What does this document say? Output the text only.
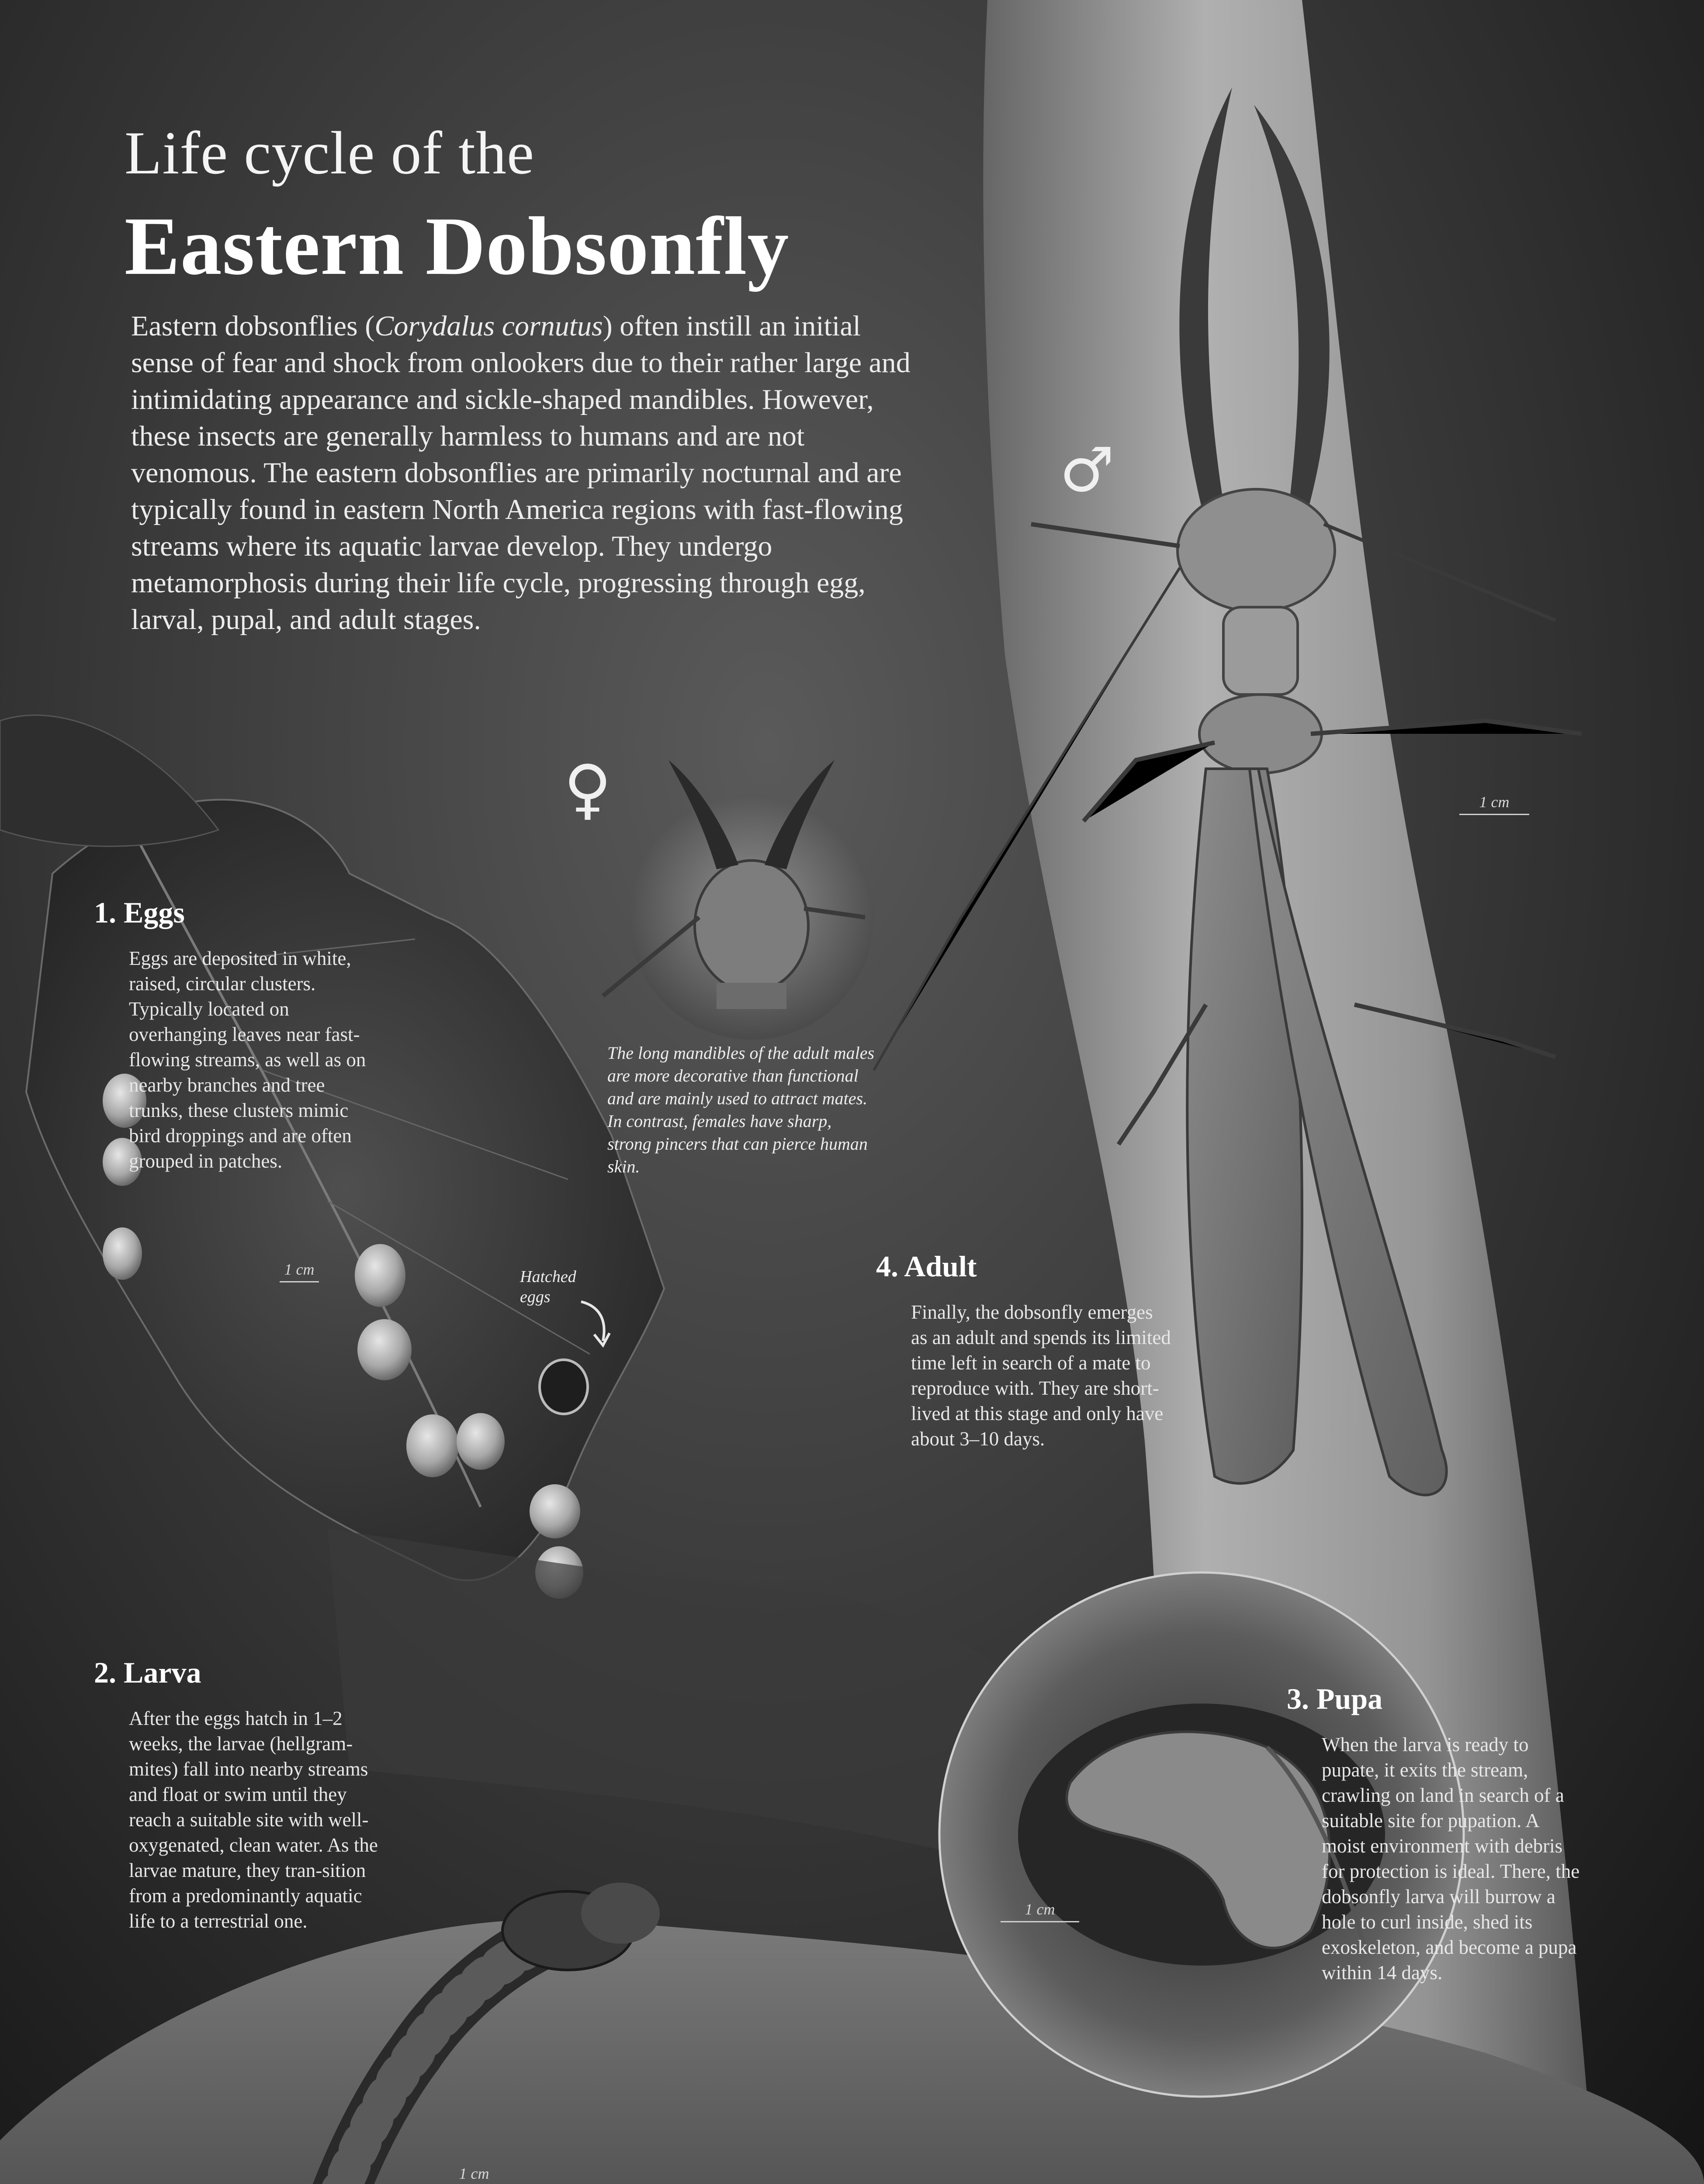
Life cycle of the
Eastern Dobsonfly

Eastern dobsonflies (Corydalus cornutus) often instill an initial sense of fear and shock from onlookers due to their rather large and intimidating appearance and sickle-shaped mandibles. However, these insects are generally harmless to humans and are not venomous. The eastern dobsonflies are primarily nocturnal and are typically found in eastern North America regions with fast-flowing streams where its aquatic larvae develop. They undergo metamorphosis during their life cycle, progressing through egg, larval, pupal, and adult stages.

♂
♀
1. Eggs
Eggs are deposited in white, raised, circular clusters. Typically located on overhanging leaves near fast-flowing streams, as well as on nearby branches and tree trunks, these clusters mimic bird droppings and are often grouped in patches.
The long mandibles of the adult males are more decorative than functional and are mainly used to attract mates. In contrast, females have sharp, strong pincers that can pierce human skin.
Hatched eggs
4. Adult
Finally, the dobsonfly emerges as an adult and spends its limited time left in search of a mate to reproduce with. They are short-lived at this stage and only have about 3–10 days.
2. Larva
After the eggs hatch in 1–2 weeks, the larvae (hellgram-mites) fall into nearby streams and float or swim until they reach a suitable site with well-oxygenated, clean water. As the larvae mature, they tran-sition from a predominantly aquatic life to a terrestrial one.
3. Pupa
When the larva is ready to pupate, it exits the stream, crawling on land in search of a suitable site for pupation. A moist environment with debris for protection is ideal. There, the dobsonfly larva will burrow a hole to curl inside, shed its exoskeleton, and become a pupa within 14 days.
1 cm
1 cm
1 cm
1 cm
